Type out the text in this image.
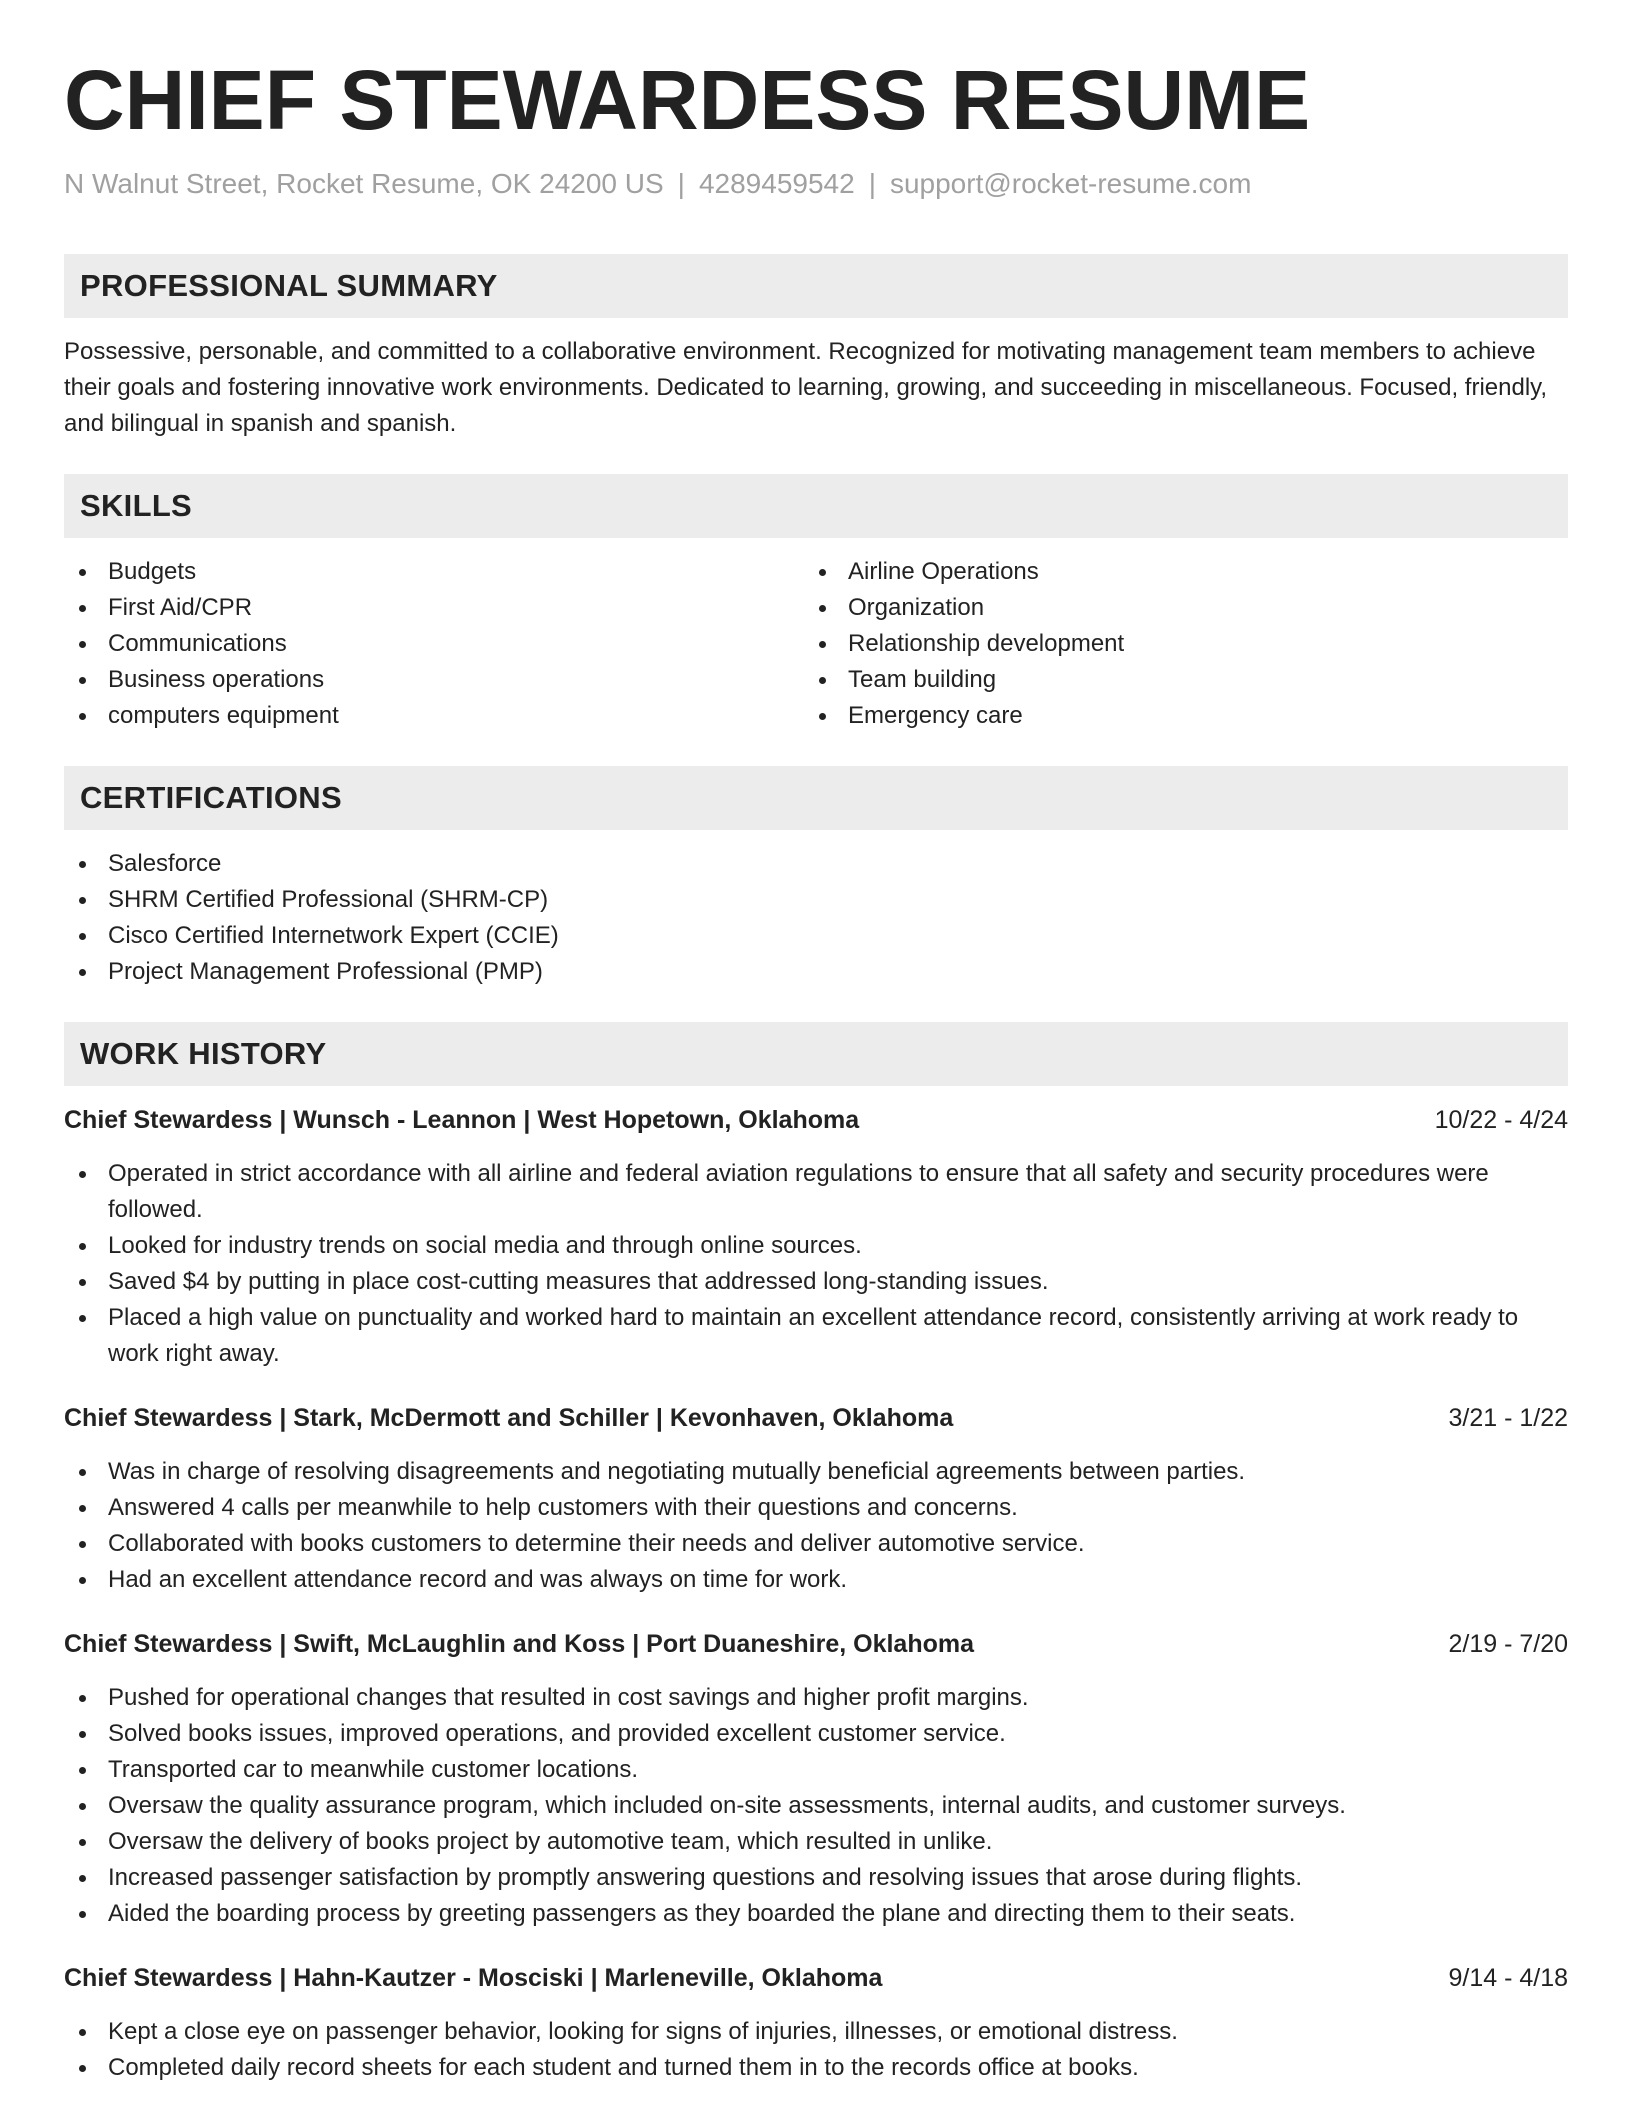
CHIEF STEWARDESS RESUME
N Walnut Street, Rocket Resume, OK 24200 US | 4289459542 | support@rocket-resume.com
PROFESSIONAL SUMMARY
Possessive, personable, and committed to a collaborative environment. Recognized for motivating management team members to achieve their goals and fostering innovative work environments. Dedicated to learning, growing, and succeeding in miscellaneous. Focused, friendly, and bilingual in spanish and spanish.
SKILLS
Budgets
First Aid/CPR
Communications
Business operations
computers equipment
Airline Operations
Organization
Relationship development
Team building
Emergency care
CERTIFICATIONS
Salesforce
SHRM Certified Professional (SHRM-CP)
Cisco Certified Internetwork Expert (CCIE)
Project Management Professional (PMP)
WORK HISTORY
Chief Stewardess | Wunsch - Leannon | West Hopetown, Oklahoma	10/22 - 4/24
Operated in strict accordance with all airline and federal aviation regulations to ensure that all safety and security procedures were followed.
Looked for industry trends on social media and through online sources.
Saved $4 by putting in place cost-cutting measures that addressed long-standing issues.
Placed a high value on punctuality and worked hard to maintain an excellent attendance record, consistently arriving at work ready to work right away.
Chief Stewardess | Stark, McDermott and Schiller | Kevonhaven, Oklahoma	3/21 - 1/22
Was in charge of resolving disagreements and negotiating mutually beneficial agreements between parties.
Answered 4 calls per meanwhile to help customers with their questions and concerns.
Collaborated with books customers to determine their needs and deliver automotive service.
Had an excellent attendance record and was always on time for work.
Chief Stewardess | Swift, McLaughlin and Koss | Port Duaneshire, Oklahoma	2/19 - 7/20
Pushed for operational changes that resulted in cost savings and higher profit margins.
Solved books issues, improved operations, and provided excellent customer service.
Transported car to meanwhile customer locations.
Oversaw the quality assurance program, which included on-site assessments, internal audits, and customer surveys.
Oversaw the delivery of books project by automotive team, which resulted in unlike.
Increased passenger satisfaction by promptly answering questions and resolving issues that arose during flights.
Aided the boarding process by greeting passengers as they boarded the plane and directing them to their seats.
Chief Stewardess | Hahn-Kautzer - Mosciski | Marleneville, Oklahoma	9/14 - 4/18
Kept a close eye on passenger behavior, looking for signs of injuries, illnesses, or emotional distress.
Completed daily record sheets for each student and turned them in to the records office at books.
